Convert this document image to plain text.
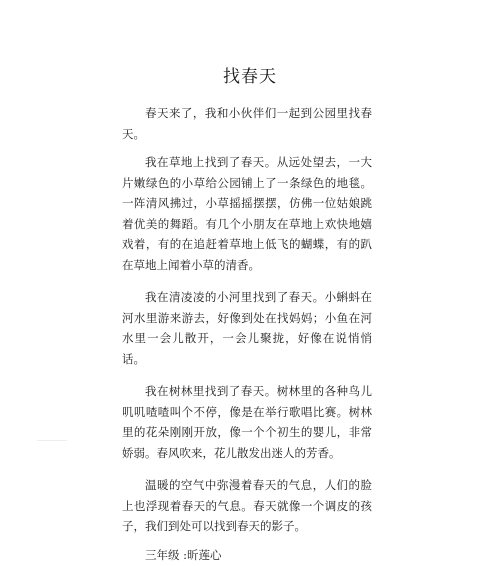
找春天

春天来了，我和小伙伴们一起到公园里找春天。

我在草地上找到了春天。从远处望去，一大片嫩绿色的小草给公园铺上了一条绿色的地毯。一阵清风拂过，小草摇摇摆摆，仿佛一位姑娘跳着优美的舞蹈。有几个小朋友在草地上欢快地嬉戏着，有的在追赶着草地上低飞的蝴蝶，有的趴在草地上闻着小草的清香。

我在清凌凌的小河里找到了春天。小蝌蚪在河水里游来游去，好像到处在找妈妈；小鱼在河水里一会儿散开，一会儿聚拢，好像在说悄悄话。

我在树林里找到了春天。树林里的各种鸟儿叽叽喳喳叫个不停，像是在举行歌唱比赛。树林里的花朵刚刚开放，像一个个初生的婴儿，非常娇弱。春风吹来，花儿散发出迷人的芳香。

温暖的空气中弥漫着春天的气息，人们的脸上也浮现着春天的气息。春天就像一个调皮的孩子，我们到处可以找到春天的影子。

三年级 :昕莲心
